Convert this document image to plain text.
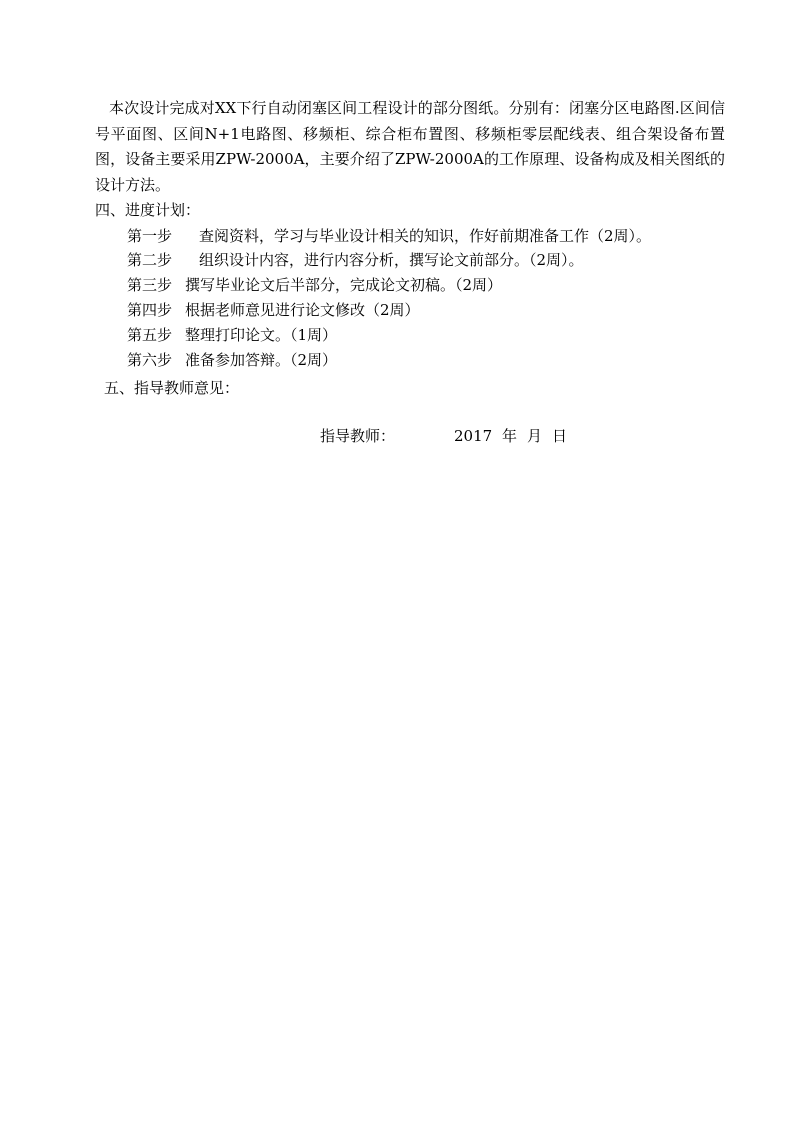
本次设计完成对XX下行自动闭塞区间工程设计的部分图纸。分别有：闭塞分区电路图.区间信号平面图、区间N+1电路图、移频柜、综合柜布置图、移频柜零层配线表、组合架设备布置图，设备主要采用ZPW-2000A，主要介绍了ZPW-2000A的工作原理、设备构成及相关图纸的设计方法。

四、进度计划：
第一步 查阅资料，学习与毕业设计相关的知识，作好前期准备工作（2周）。
第二步 组织设计内容，进行内容分析，撰写论文前部分。（2周）。
第三步 撰写毕业论文后半部分，完成论文初稿。（2周）
第四步 根据老师意见进行论文修改（2周）
第五步 整理打印论文。（1周）
第六步 准备参加答辩。（2周）
五、指导教师意见：
指导教师：	2017 年 月 日
